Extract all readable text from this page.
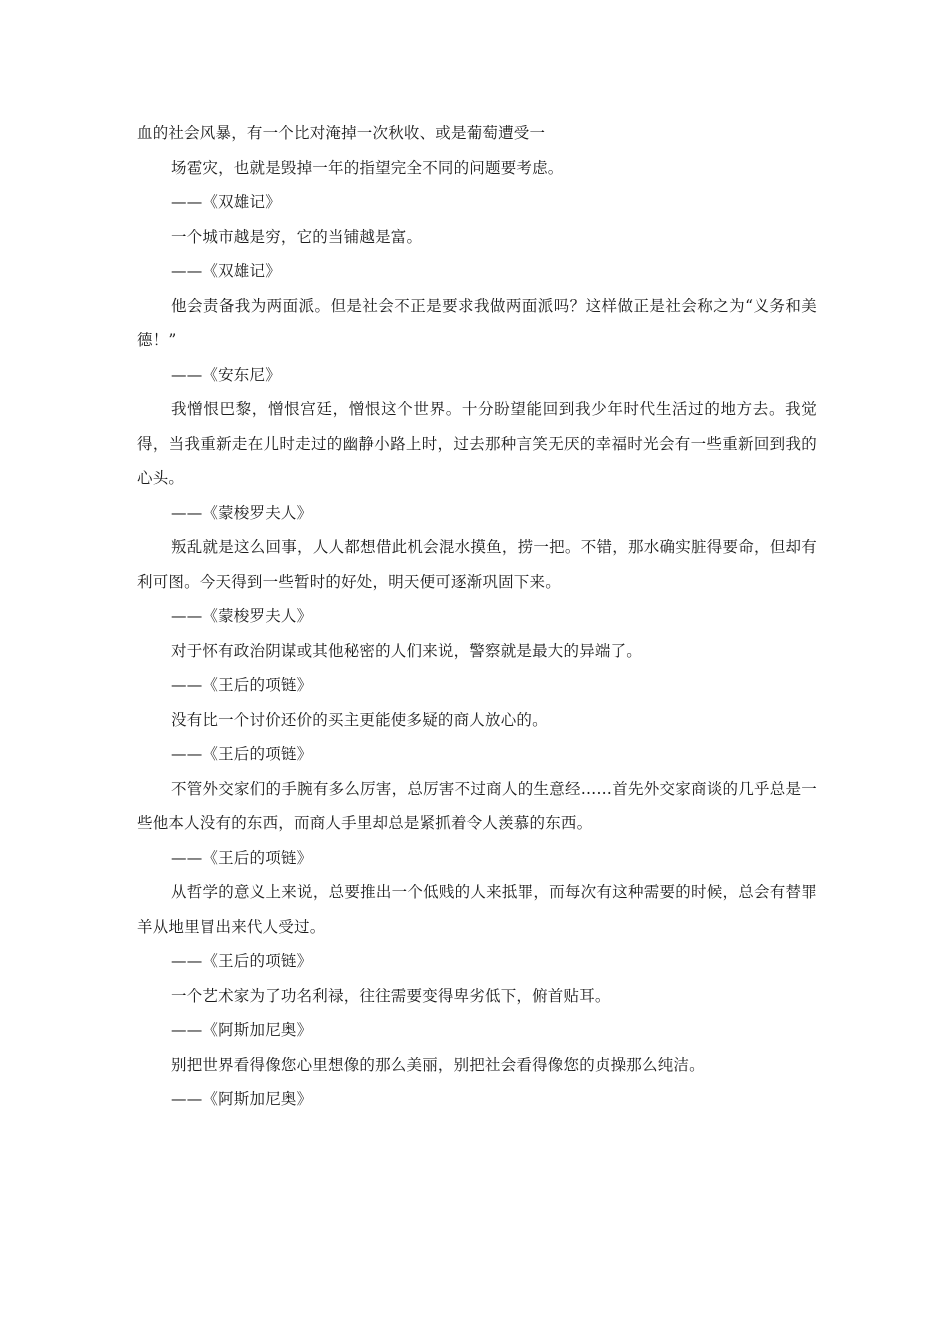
血的社会风暴，有一个比对淹掉一次秋收、或是葡萄遭受一

场雹灾，也就是毁掉一年的指望完全不同的问题要考虑。

——《双雄记》

一个城市越是穷，它的当铺越是富。

——《双雄记》

他会责备我为两面派。但是社会不正是要求我做两面派吗？这样做正是社会称之为“义务和美德！”

——《安东尼》

我憎恨巴黎，憎恨宫廷，憎恨这个世界。十分盼望能回到我少年时代生活过的地方去。我觉得，当我重新走在儿时走过的幽静小路上时，过去那种言笑无厌的幸福时光会有一些重新回到我的心头。

——《蒙梭罗夫人》

叛乱就是这么回事，人人都想借此机会混水摸鱼，捞一把。不错，那水确实脏得要命，但却有利可图。今天得到一些暂时的好处，明天便可逐渐巩固下来。

——《蒙梭罗夫人》

对于怀有政治阴谋或其他秘密的人们来说，警察就是最大的异端了。

——《王后的项链》

没有比一个讨价还价的买主更能使多疑的商人放心的。

——《王后的项链》

不管外交家们的手腕有多么厉害，总厉害不过商人的生意经……首先外交家商谈的几乎总是一些他本人没有的东西，而商人手里却总是紧抓着令人羡慕的东西。

——《王后的项链》

从哲学的意义上来说，总要推出一个低贱的人来抵罪，而每次有这种需要的时候，总会有替罪羊从地里冒出来代人受过。

——《王后的项链》

一个艺术家为了功名利禄，往往需要变得卑劣低下，俯首贴耳。

——《阿斯加尼奥》

别把世界看得像您心里想像的那么美丽，别把社会看得像您的贞操那么纯洁。

——《阿斯加尼奥》
